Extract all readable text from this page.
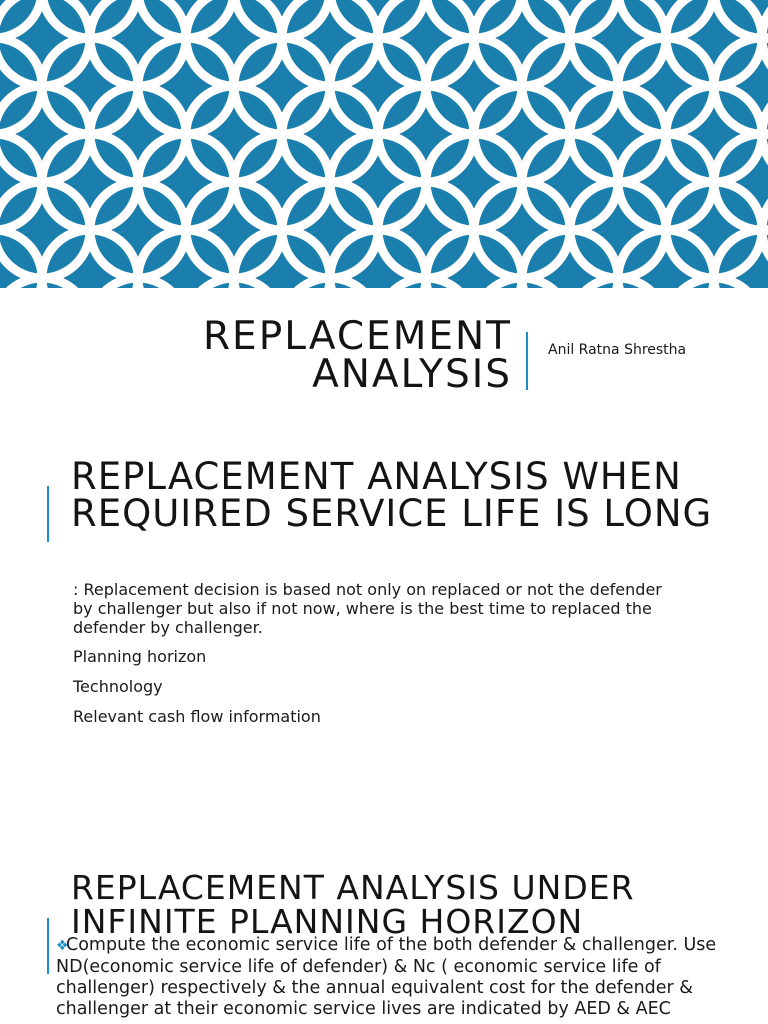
REPLACEMENT
ANALYSIS
Anil Ratna Shrestha
REPLACEMENT ANALYSIS WHEN REQUIRED SERVICE LIFE IS LONG

: Replacement decision is based not only on replaced or not the defender by challenger but also if not now, where is the best time to replaced the defender by challenger.

Planning horizon
Technology
Relevant cash flow information
REPLACEMENT ANALYSIS UNDER INFINITE PLANNING HORIZON

❖Compute the economic service life of the both defender & challenger. Use ND(economic service life of defender) & Nc ( economic service life of challenger) respectively & the annual equivalent cost for the defender & challenger at their economic service lives are indicated by AED & AEC
